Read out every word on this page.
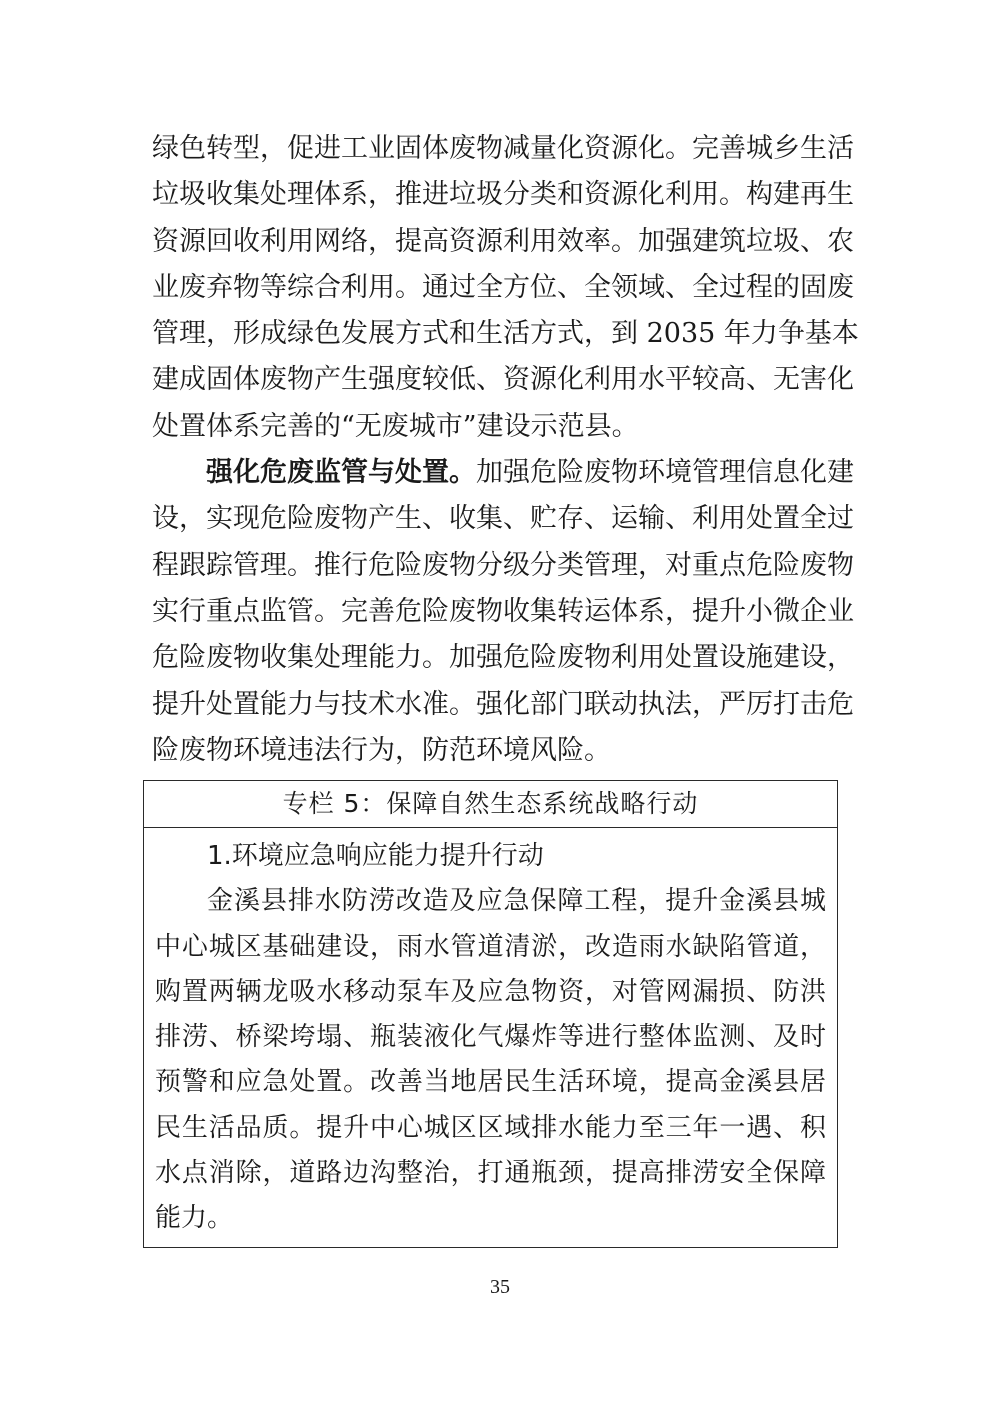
绿色转型，促进工业固体废物减量化资源化。完善城乡生活
垃圾收集处理体系，推进垃圾分类和资源化利用。构建再生
资源回收利用网络，提高资源利用效率。加强建筑垃圾、农
业废弃物等综合利用。通过全方位、全领域、全过程的固废
管理，形成绿色发展方式和生活方式，到 2035 年力争基本
建成固体废物产生强度较低、资源化利用水平较高、无害化
处置体系完善的“无废城市”建设示范县。
强化危废监管与处置。加强危险废物环境管理信息化建
设，实现危险废物产生、收集、贮存、运输、利用处置全过
程跟踪管理。推行危险废物分级分类管理，对重点危险废物
实行重点监管。完善危险废物收集转运体系，提升小微企业
危险废物收集处理能力。加强危险废物利用处置设施建设，
提升处置能力与技术水准。强化部门联动执法，严厉打击危
险废物环境违法行为，防范环境风险。
专栏 5：保障自然生态系统战略行动
1.环境应急响应能力提升行动
金溪县排水防涝改造及应急保障工程，提升金溪县城
中心城区基础建设，雨水管道清淤，改造雨水缺陷管道，
购置两辆龙吸水移动泵车及应急物资，对管网漏损、防洪
排涝、桥梁垮塌、瓶装液化气爆炸等进行整体监测、及时
预警和应急处置。改善当地居民生活环境，提高金溪县居
民生活品质。提升中心城区区域排水能力至三年一遇、积
水点消除，道路边沟整治，打通瓶颈，提高排涝安全保障
能力。
35
